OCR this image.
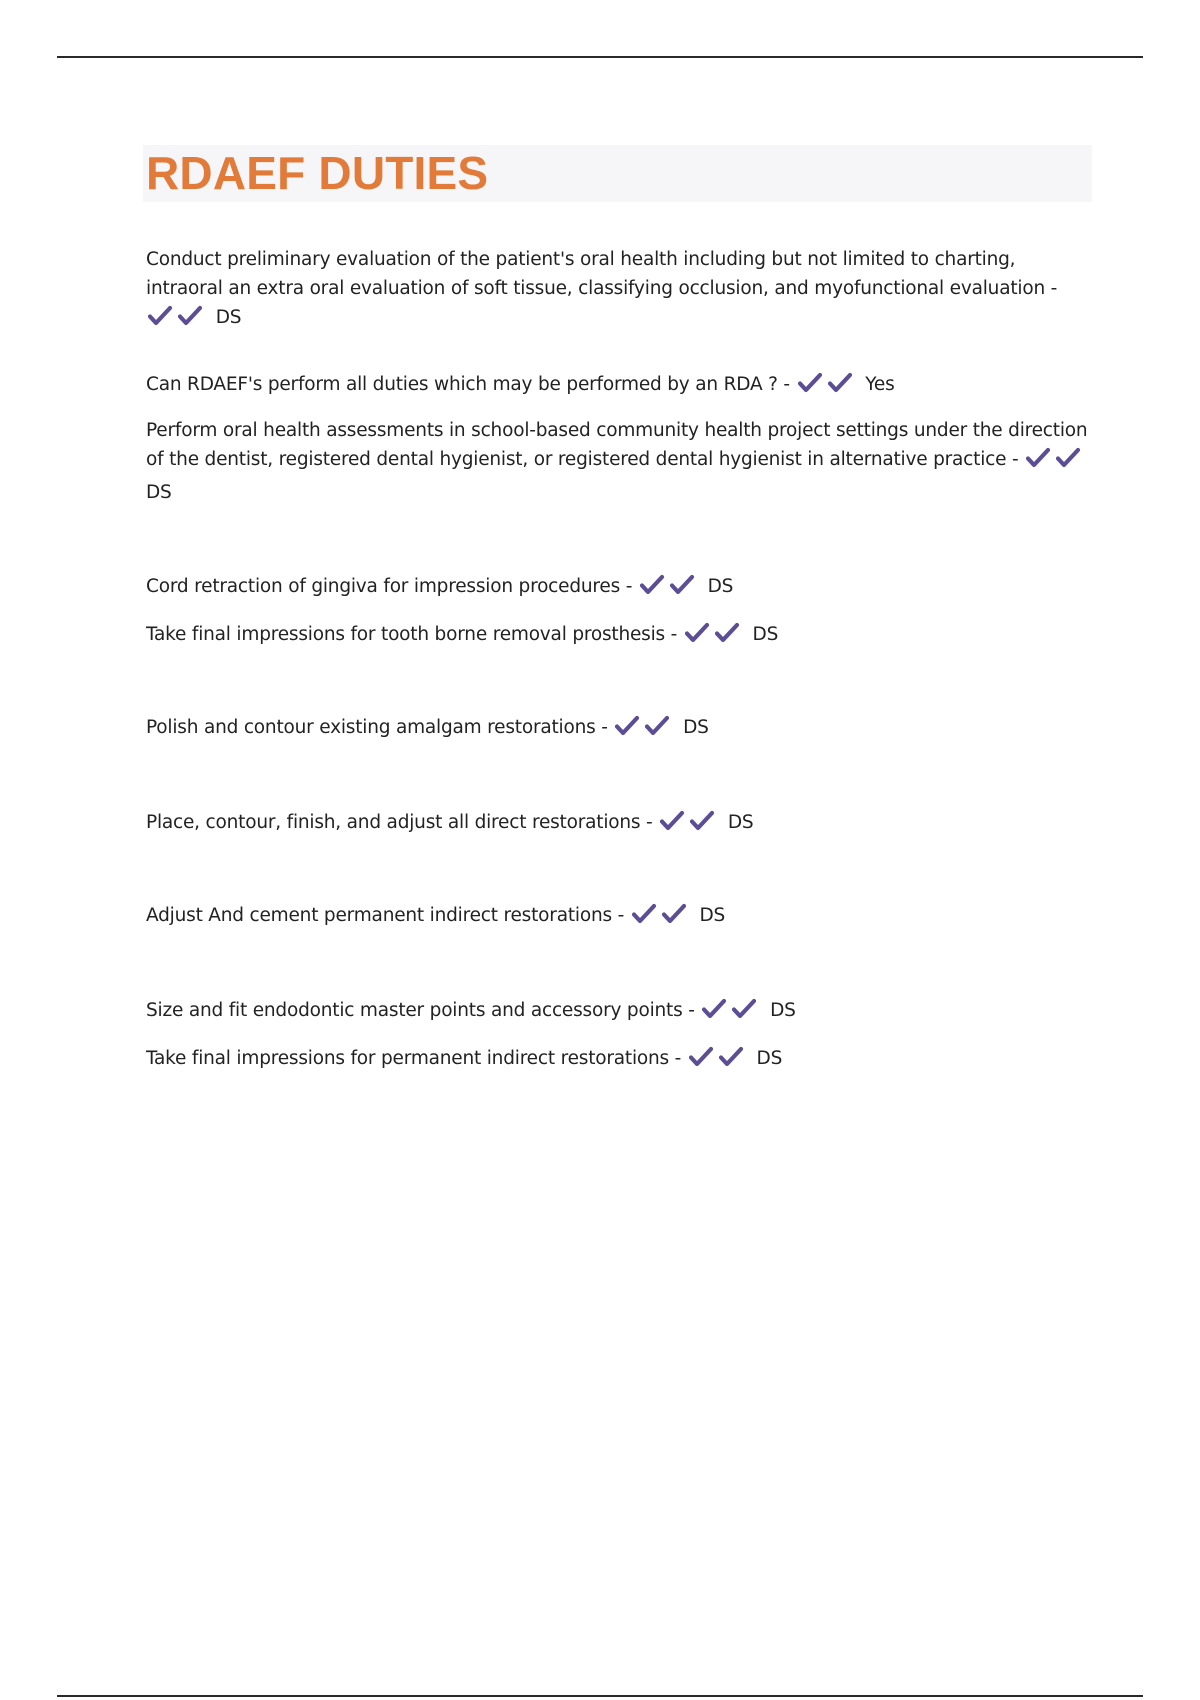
RDAEF DUTIES
Conduct preliminary evaluation of the patient's oral health including but not limited to charting, intraoral an extra oral evaluation of soft tissue, classifying occlusion, and myofunctional evaluation -  DS
Can RDAEF's perform all duties which may be performed by an RDA ? -	Yes
Perform oral health assessments in school-based community health project settings under the direction of the dentist, registered dental hygienist, or registered dental hygienist in alternative practice -  DS
Cord retraction of gingiva for impression procedures -	DS
Take final impressions for tooth borne removal prosthesis -	DS
Polish and contour existing amalgam restorations -	DS
Place, contour, finish, and adjust all direct restorations -	DS
Adjust And cement permanent indirect restorations -	DS
Size and fit endodontic master points and accessory points -	DS
Take final impressions for permanent indirect restorations -	DS
